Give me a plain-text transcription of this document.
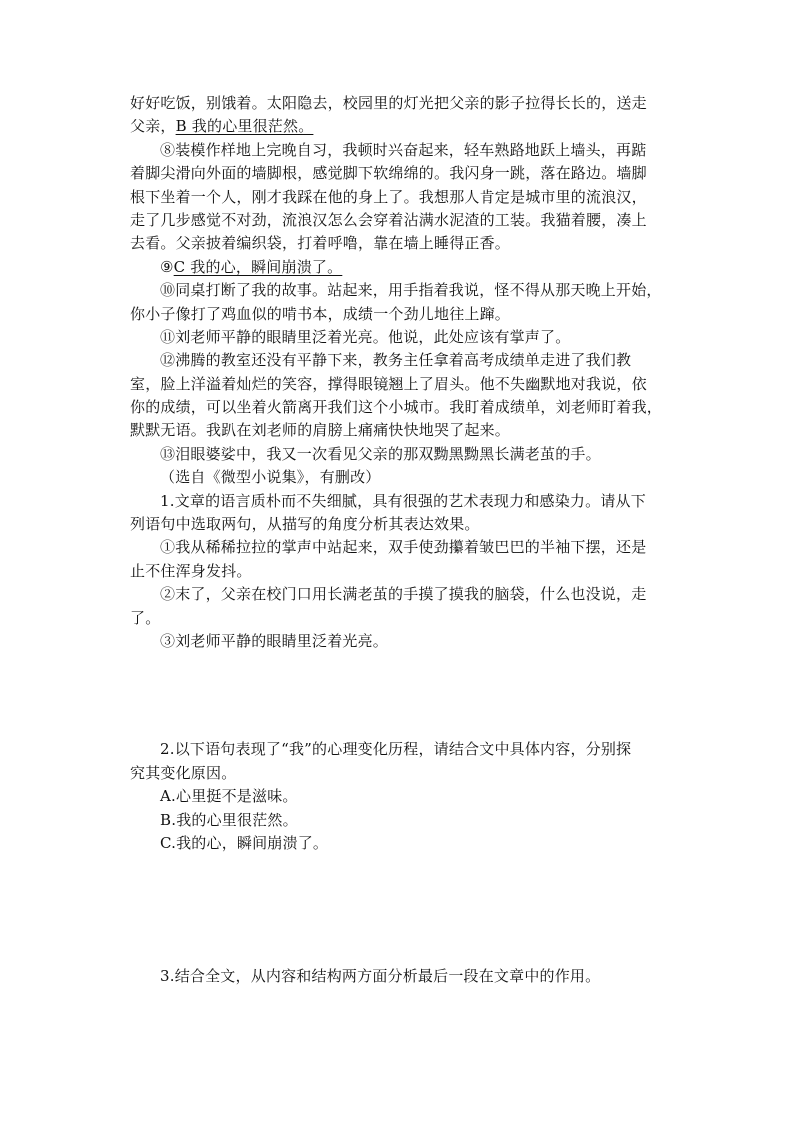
好好吃饭，别饿着。太阳隐去，校园里的灯光把父亲的影子拉得长长的，送走
父亲，B 我的心里很茫然。
⑧装模作样地上完晚自习，我顿时兴奋起来，轻车熟路地跃上墙头，再踮
着脚尖滑向外面的墙脚根，感觉脚下软绵绵的。我闪身一跳，落在路边。墙脚
根下坐着一个人，刚才我踩在他的身上了。我想那人肯定是城市里的流浪汉，
走了几步感觉不对劲，流浪汉怎么会穿着沾满水泥渣的工装。我猫着腰，凑上
去看。父亲披着编织袋，打着呼噜，靠在墙上睡得正香。
⑨C 我的心，瞬间崩溃了。
⑩同桌打断了我的故事。站起来，用手指着我说，怪不得从那天晚上开始，
你小子像打了鸡血似的啃书本，成绩一个劲儿地往上蹿。
⑪刘老师平静的眼睛里泛着光亮。他说，此处应该有掌声了。
⑫沸腾的教室还没有平静下来，教务主任拿着高考成绩单走进了我们教
室，脸上洋溢着灿烂的笑容，撑得眼镜翘上了眉头。他不失幽默地对我说，依
你的成绩，可以坐着火箭离开我们这个小城市。我盯着成绩单，刘老师盯着我，
默默无语。我趴在刘老师的肩膀上痛痛快快地哭了起来。
⑬泪眼婆娑中，我又一次看见父亲的那双黝黑黝黑长满老茧的手。
（选自《微型小说集》，有删改）
1.文章的语言质朴而不失细腻，具有很强的艺术表现力和感染力。请从下
列语句中选取两句，从描写的角度分析其表达效果。
①我从稀稀拉拉的掌声中站起来，双手使劲攥着皱巴巴的半袖下摆，还是
止不住浑身发抖。
②末了，父亲在校门口用长满老茧的手摸了摸我的脑袋，什么也没说，走
了。
③刘老师平静的眼睛里泛着光亮。
2.以下语句表现了“我”的心理变化历程，请结合文中具体内容，分别探
究其变化原因。
A.心里挺不是滋味。
B.我的心里很茫然。
C.我的心，瞬间崩溃了。
3.结合全文，从内容和结构两方面分析最后一段在文章中的作用。
